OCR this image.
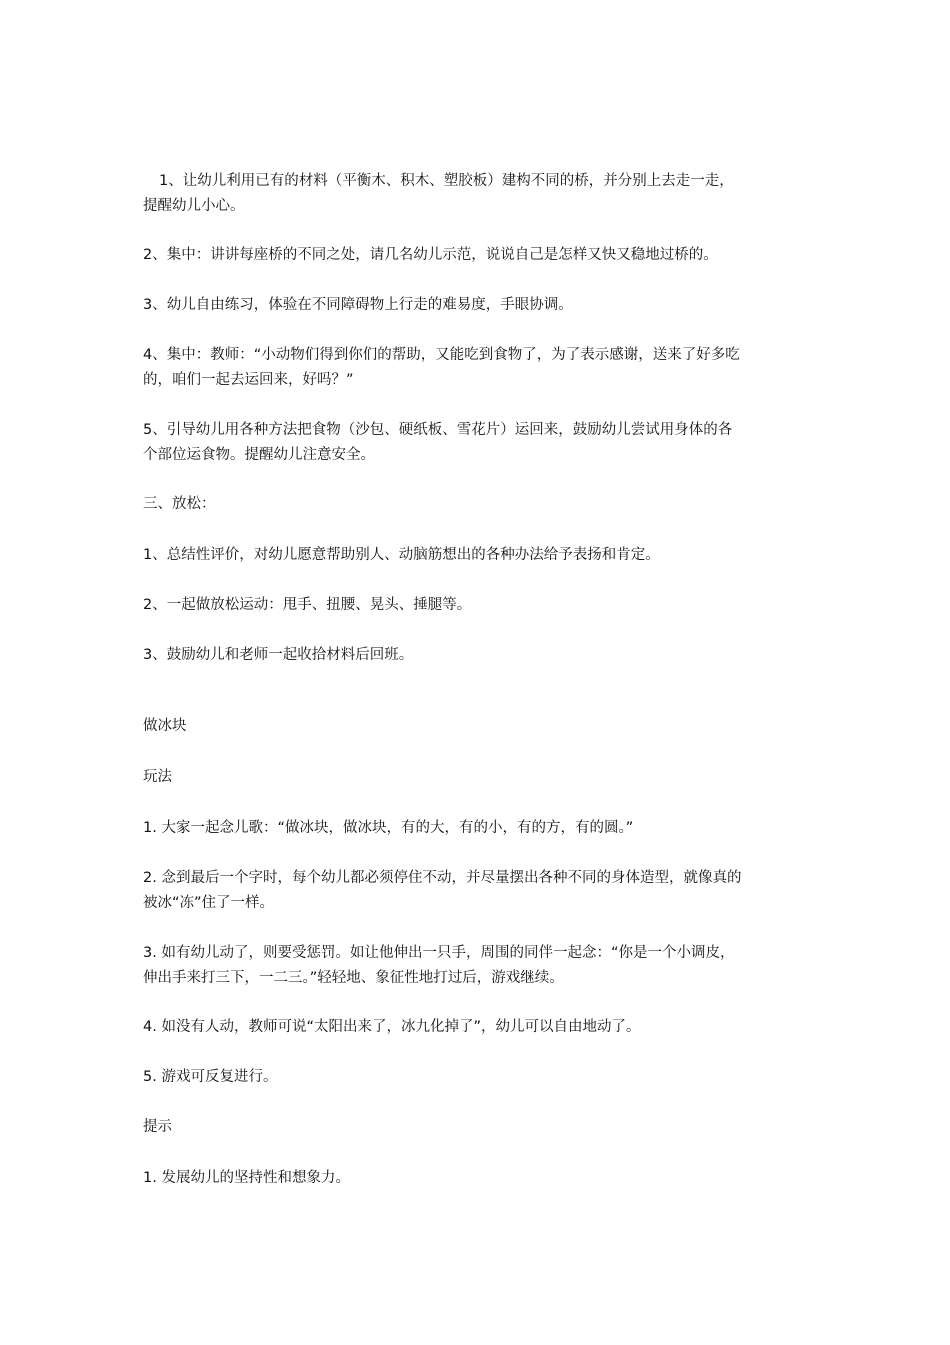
1、让幼儿利用已有的材料（平衡木、积木、塑胶板）建构不同的桥，并分别上去走一走，提醒幼儿小心。

2、集中：讲讲每座桥的不同之处，请几名幼儿示范，说说自己是怎样又快又稳地过桥的。

3、幼儿自由练习，体验在不同障碍物上行走的难易度，手眼协调。

4、集中：教师：“小动物们得到你们的帮助，又能吃到食物了，为了表示感谢，送来了好多吃的，咱们一起去运回来，好吗？”

5、引导幼儿用各种方法把食物（沙包、硬纸板、雪花片）运回来，鼓励幼儿尝试用身体的各个部位运食物。提醒幼儿注意安全。

三、放松：

1、总结性评价，对幼儿愿意帮助别人、动脑筋想出的各种办法给予表扬和肯定。

2、一起做放松运动：甩手、扭腰、晃头、捶腿等。

3、鼓励幼儿和老师一起收拾材料后回班。

做冰块

玩法

1. 大家一起念儿歌：“做冰块，做冰块，有的大，有的小，有的方，有的圆。”

2. 念到最后一个字时，每个幼儿都必须停住不动，并尽量摆出各种不同的身体造型，就像真的被冰“冻”住了一样。

3. 如有幼儿动了，则要受惩罚。如让他伸出一只手，周围的同伴一起念：“你是一个小调皮，伸出手来打三下，一二三。”轻轻地、象征性地打过后，游戏继续。

4. 如没有人动，教师可说“太阳出来了，冰九化掉了”，幼儿可以自由地动了。

5. 游戏可反复进行。

提示

1. 发展幼儿的坚持性和想象力。
